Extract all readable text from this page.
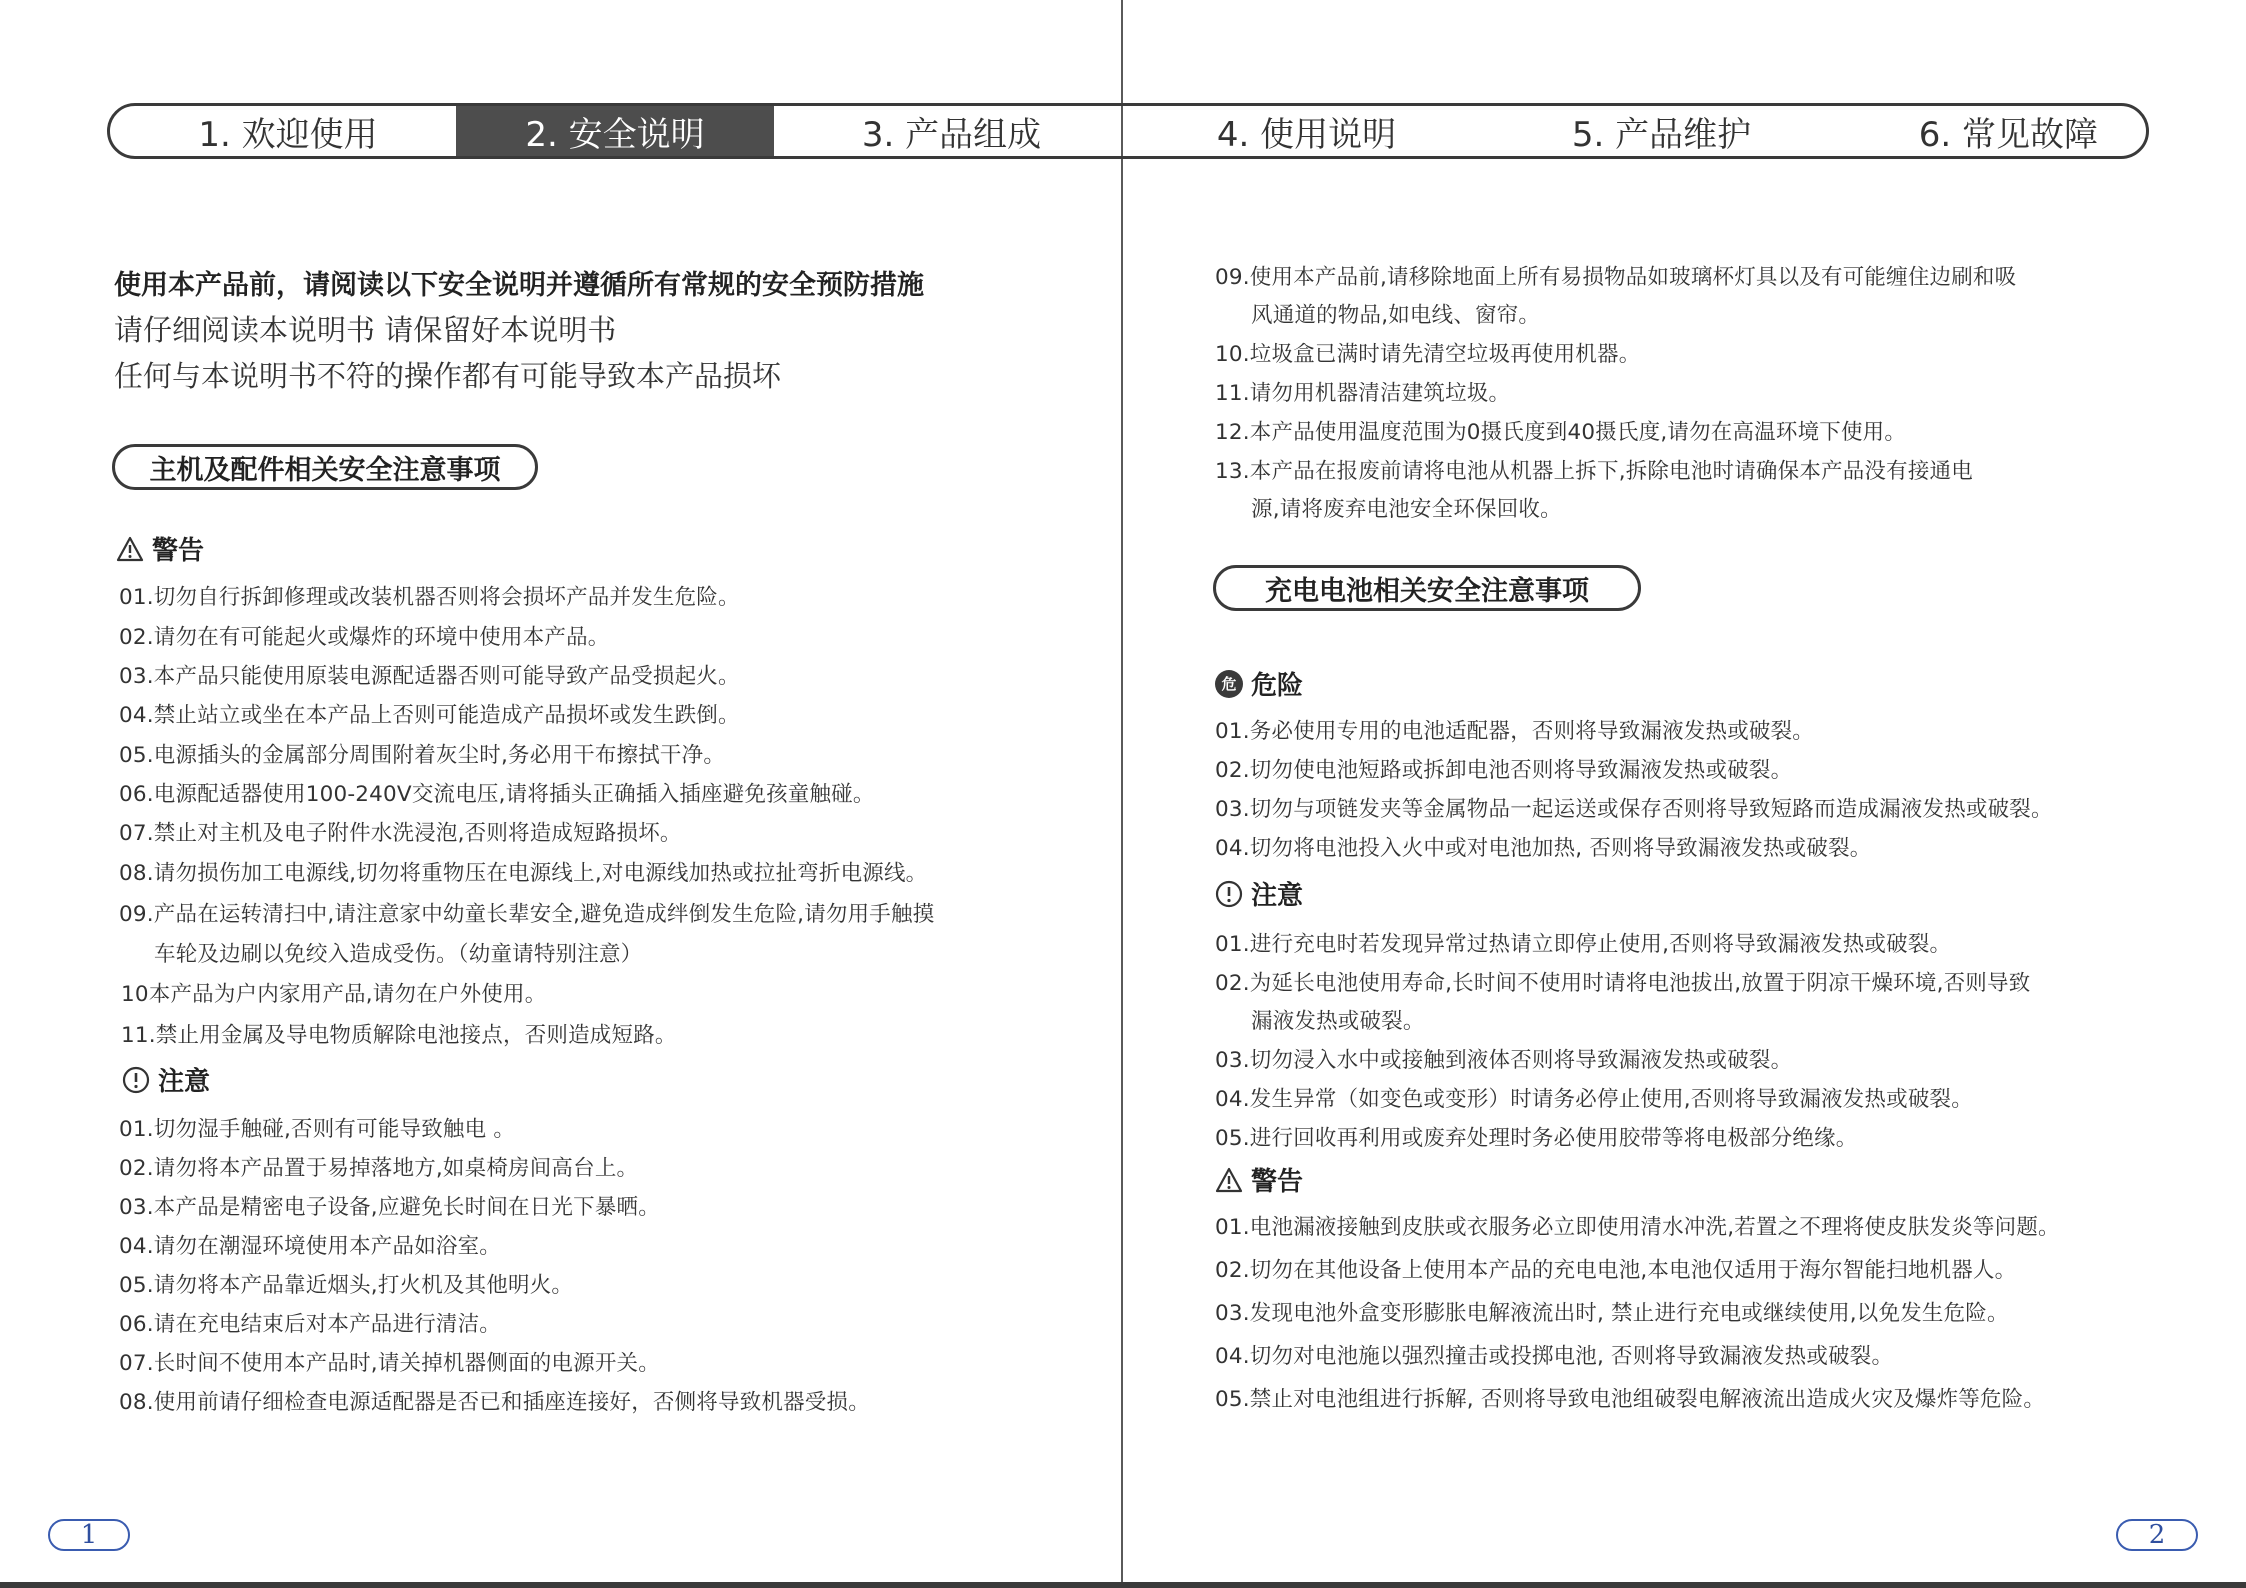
1. 欢迎使用	2. 安全说明	3. 产品组成	4. 使用说明	5. 产品维护	6. 常见故障
使用本产品前，请阅读以下安全说明并遵循所有常规的安全预防措施
请仔细阅读本说明书 请保留好本说明书
任何与本说明书不符的操作都有可能导致本产品损坏
主机及配件相关安全注意事项
警告
01.切勿自行拆卸修理或改装机器否则将会损坏产品并发生危险。
02.请勿在有可能起火或爆炸的环境中使用本产品。
03.本产品只能使用原装电源配适器否则可能导致产品受损起火。
04.禁止站立或坐在本产品上否则可能造成产品损坏或发生跌倒。
05.电源插头的金属部分周围附着灰尘时,务必用干布擦拭干净。
06.电源配适器使用100-240V交流电压,请将插头正确插入插座避免孩童触碰。
07.禁止对主机及电子附件水洗浸泡,否则将造成短路损坏。
08.请勿损伤加工电源线,切勿将重物压在电源线上,对电源线加热或拉扯弯折电源线。
09.产品在运转清扫中,请注意家中幼童长辈安全,避免造成绊倒发生危险,请勿用手触摸
车轮及边刷以免绞入造成受伤。（幼童请特别注意）
10本产品为户内家用产品,请勿在户外使用。
11.禁止用金属及导电物质解除电池接点，否则造成短路。
注意
01.切勿湿手触碰,否则有可能导致触电 。
02.请勿将本产品置于易掉落地方,如桌椅房间高台上。
03.本产品是精密电子设备,应避免长时间在日光下暴晒。
04.请勿在潮湿环境使用本产品如浴室。
05.请勿将本产品靠近烟头,打火机及其他明火。
06.请在充电结束后对本产品进行清洁。
07.长时间不使用本产品时,请关掉机器侧面的电源开关。
08.使用前请仔细检查电源适配器是否已和插座连接好，否侧将导致机器受损。
1
09.使用本产品前,请移除地面上所有易损物品如玻璃杯灯具以及有可能缠住边刷和吸
风通道的物品,如电线、窗帘。
10.垃圾盒已满时请先清空垃圾再使用机器。
11.请勿用机器清洁建筑垃圾。
12.本产品使用温度范围为0摄氏度到40摄氏度,请勿在高温环境下使用。
13.本产品在报废前请将电池从机器上拆下,拆除电池时请确保本产品没有接通电
源,请将废弃电池安全环保回收。
充电电池相关安全注意事项
危 危险
01.务必使用专用的电池适配器，否则将导致漏液发热或破裂。
02.切勿使电池短路或拆卸电池否则将导致漏液发热或破裂。
03.切勿与项链发夹等金属物品一起运送或保存否则将导致短路而造成漏液发热或破裂。
04.切勿将电池投入火中或对电池加热, 否则将导致漏液发热或破裂。
注意
01.进行充电时若发现异常过热请立即停止使用,否则将导致漏液发热或破裂。
02.为延长电池使用寿命,长时间不使用时请将电池拔出,放置于阴凉干燥环境,否则导致
漏液发热或破裂。
03.切勿浸入水中或接触到液体否则将导致漏液发热或破裂。
04.发生异常（如变色或变形）时请务必停止使用,否则将导致漏液发热或破裂。
05.进行回收再利用或废弃处理时务必使用胶带等将电极部分绝缘。
警告
01.电池漏液接触到皮肤或衣服务必立即使用清水冲洗,若置之不理将使皮肤发炎等问题。
02.切勿在其他设备上使用本产品的充电电池,本电池仅适用于海尔智能扫地机器人。
03.发现电池外盒变形膨胀电解液流出时, 禁止进行充电或继续使用,以免发生危险。
04.切勿对电池施以强烈撞击或投掷电池, 否则将导致漏液发热或破裂。
05.禁止对电池组进行拆解, 否则将导致电池组破裂电解液流出造成火灾及爆炸等危险。
2
